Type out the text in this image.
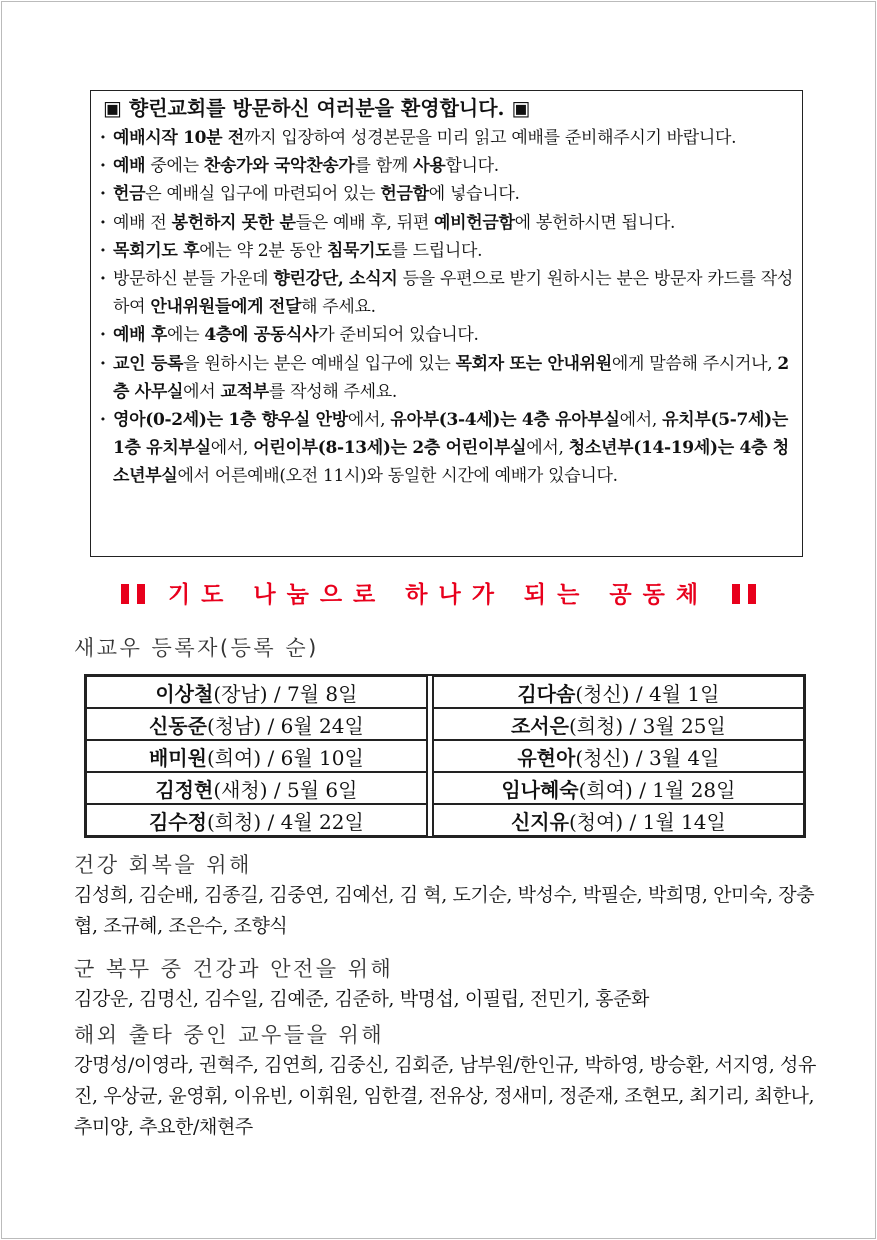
▣ 향린교회를 방문하신 여러분을 환영합니다. ▣
· 예배시작 10분 전까지 입장하여 성경본문을 미리 읽고 예배를 준비해주시기 바랍니다.
· 예배 중에는 찬송가와 국악찬송가를 함께 사용합니다.
· 헌금은 예배실 입구에 마련되어 있는 헌금함에 넣습니다.
· 예배 전 봉헌하지 못한 분들은 예배 후, 뒤편 예비헌금함에 봉헌하시면 됩니다.
· 목회기도 후에는 약 2분 동안 침묵기도를 드립니다.
· 방문하신 분들 가운데 향린강단, 소식지 등을 우편으로 받기 원하시는 분은 방문자 카드를 작성하여 안내위원들에게 전달해 주세요.
· 예배 후에는 4층에 공동식사가 준비되어 있습니다.
· 교인 등록을 원하시는 분은 예배실 입구에 있는 목회자 또는 안내위원에게 말씀해 주시거나, 2층 사무실에서 교적부를 작성해 주세요.
· 영아(0-2세)는 1층 향우실 안방에서, 유아부(3-4세)는 4층 유아부실에서, 유치부(5-7세)는 1층 유치부실에서, 어린이부(8-13세)는 2층 어린이부실에서, 청소년부(14-19세)는 4층 청소년부실에서 어른예배(오전 11시)와 동일한 시간에 예배가 있습니다.
기도 나눔으로 하나가 되는 공동체
새교우 등록자(등록 순)
이상철(장남) / 7월 8일		김다솜(청신) / 4월 1일
신동준(청남) / 6월 24일		조서은(희청) / 3월 25일
배미원(희여) / 6월 10일		유현아(청신) / 3월 4일
김정현(새청) / 5월 6일		임나혜숙(희여) / 1월 28일
김수정(희청) / 4월 22일		신지유(청여) / 1월 14일
건강 회복을 위해
김성희, 김순배, 김종길, 김중연, 김예선, 김 혁, 도기순, 박성수, 박필순, 박희명, 안미숙, 장충협, 조규혜, 조은수, 조향식
군 복무 중 건강과 안전을 위해
김강운, 김명신, 김수일, 김예준, 김준하, 박명섭, 이필립, 전민기, 홍준화
해외 출타 중인 교우들을 위해
강명성/이영라, 권혁주, 김연희, 김중신, 김회준, 남부원/한인규, 박하영, 방승환, 서지영, 성유진, 우상균, 윤영휘, 이유빈, 이휘원, 임한결, 전유상, 정새미, 정준재, 조현모, 최기리, 최한나, 추미양, 추요한/채현주
